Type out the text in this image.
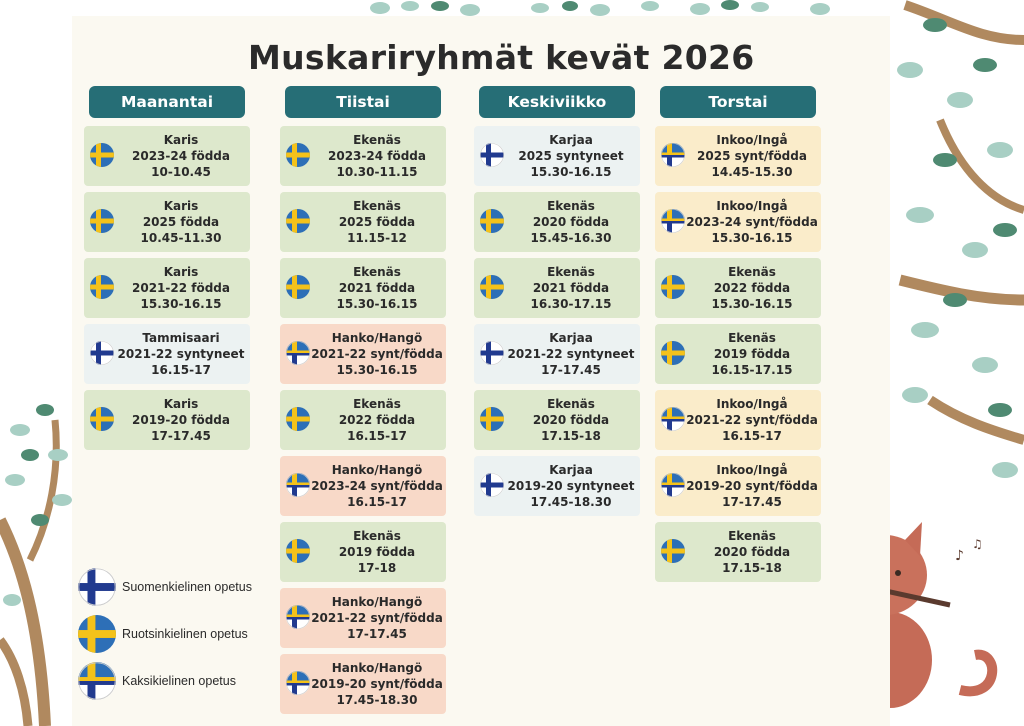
♪
♫
Muskariryhmät kevät 2026
Maanantai
Karis
2023-24 födda
10-10.45
Karis
2025 födda
10.45-11.30
Karis
2021-22 födda
15.30-16.15
Tammisaari
2021-22 syntyneet
16.15-17
Karis
2019-20 födda
17-17.45
Tiistai
Ekenäs
2023-24 födda
10.30-11.15
Ekenäs
2025 födda
11.15-12
Ekenäs
2021 födda
15.30-16.15
Hanko/Hangö
2021-22 synt/födda
15.30-16.15
Ekenäs
2022 födda
16.15-17
Hanko/Hangö
2023-24 synt/födda
16.15-17
Ekenäs
2019 födda
17-18
Hanko/Hangö
2021-22 synt/födda
17-17.45
Hanko/Hangö
2019-20 synt/födda
17.45-18.30
Keskiviikko
Karjaa
2025 syntyneet
15.30-16.15
Ekenäs
2020 födda
15.45-16.30
Ekenäs
2021 födda
16.30-17.15
Karjaa
2021-22 syntyneet
17-17.45
Ekenäs
2020 födda
17.15-18
Karjaa
2019-20 syntyneet
17.45-18.30
Torstai
Inkoo/Ingå
2025 synt/födda
14.45-15.30
Inkoo/Ingå
2023-24 synt/födda
15.30-16.15
Ekenäs
2022 födda
15.30-16.15
Ekenäs
2019 födda
16.15-17.15
Inkoo/Ingå
2021-22 synt/födda
16.15-17
Inkoo/Ingå
2019-20 synt/födda
17-17.45
Ekenäs
2020 födda
17.15-18
Suomenkielinen opetus
Ruotsinkielinen opetus
Kaksikielinen opetus
